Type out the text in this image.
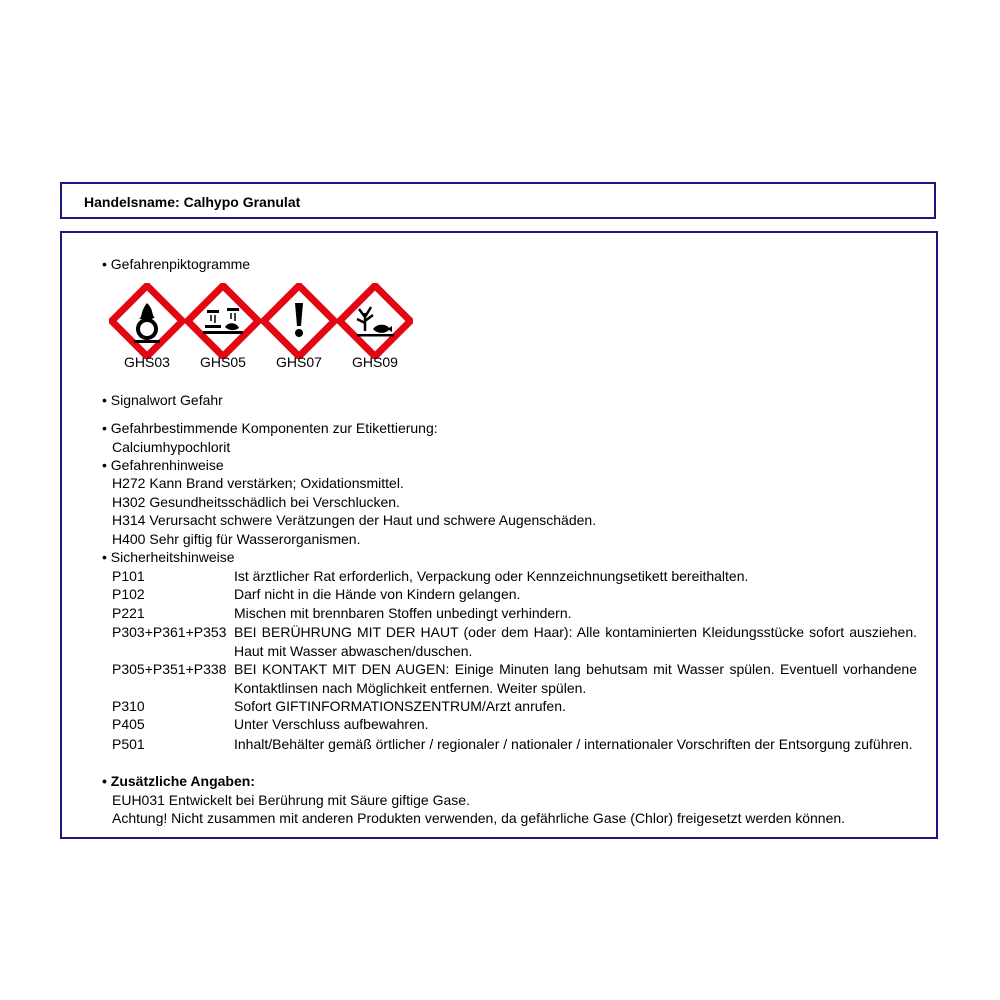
Handelsname: Calhypo Granulat
• Gefahrenpiktogramme
GHS03	GHS05	GHS07	GHS09
• Signalwort Gefahr
• Gefahrbestimmende Komponenten zur Etikettierung:
Calciumhypochlorit
• Gefahrenhinweise
H272 Kann Brand verstärken; Oxidationsmittel.
H302 Gesundheitsschädlich bei Verschlucken.
H314 Verursacht schwere Verätzungen der Haut und schwere Augenschäden.
H400 Sehr giftig für Wasserorganismen.
• Sicherheitshinweise
P101	Ist ärztlicher Rat erforderlich, Verpackung oder Kennzeichnungsetikett bereithalten.
P102	Darf nicht in die Hände von Kindern gelangen.
P221	Mischen mit brennbaren Stoffen unbedingt verhindern.
P303+P361+P353 BEI BERÜHRUNG MIT DER HAUT (oder dem Haar): Alle kontaminierten Kleidungsstücke sofort ausziehen. Haut mit Wasser abwaschen/duschen.
P305+P351+P338 BEI KONTAKT MIT DEN AUGEN: Einige Minuten lang behutsam mit Wasser spülen. Eventuell vorhandene Kontaktlinsen nach Möglichkeit entfernen. Weiter spülen.
P310	Sofort GIFTINFORMATIONSZENTRUM/Arzt anrufen.
P405	Unter Verschluss aufbewahren.
P501	Inhalt/Behälter gemäß örtlicher / regionaler / nationaler / internationaler Vorschriften der Entsorgung zuführen.
• Zusätzliche Angaben:
EUH031 Entwickelt bei Berührung mit Säure giftige Gase.
Achtung! Nicht zusammen mit anderen Produkten verwenden, da gefährliche Gase (Chlor) freigesetzt werden können.
